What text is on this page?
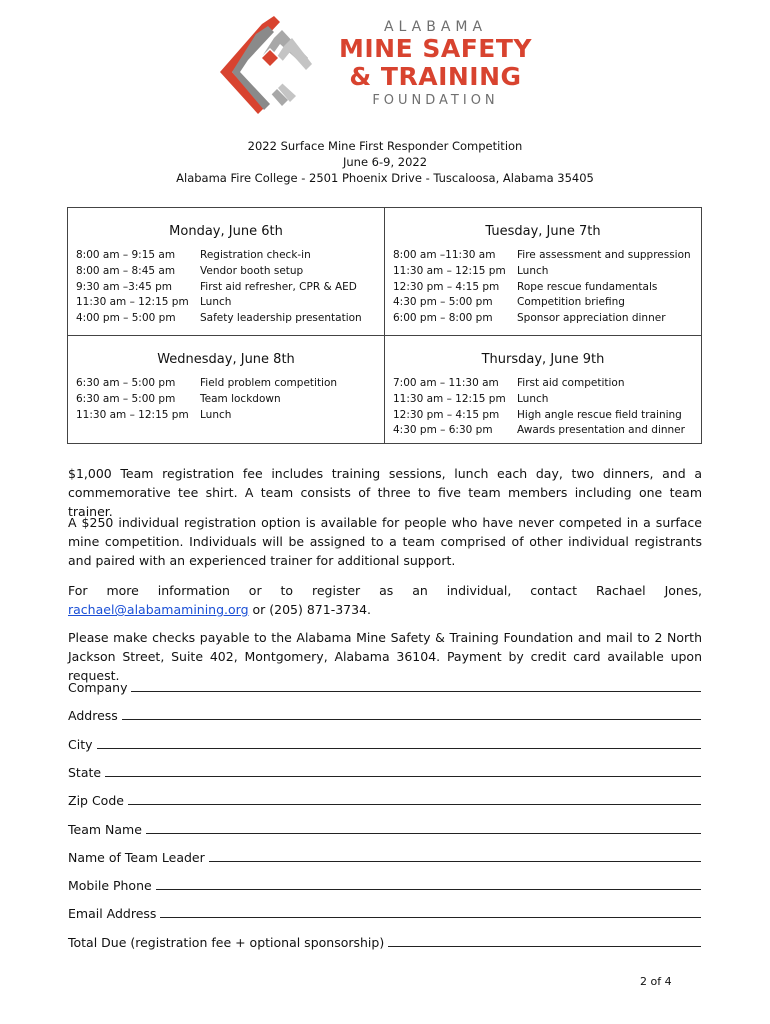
ALABAMA
MINE SAFETY
& TRAINING
FOUNDATION
2022 Surface Mine First Responder Competition
June 6-9, 2022
Alabama Fire College - 2501 Phoenix Drive - Tuscaloosa, Alabama 35405
Monday, June 6th
8:00 am – 9:15 am
8:00 am – 8:45 am
9:30 am –3:45 pm
11:30 am – 12:15 pm
4:00 pm – 5:00 pm
Registration check-in
Vendor booth setup
First aid refresher, CPR & AED
Lunch
Safety leadership presentation
Tuesday, June 7th
8:00 am –11:30 am
11:30 am – 12:15 pm
12:30 pm – 4:15 pm
4:30 pm – 5:00 pm
6:00 pm – 8:00 pm
Fire assessment and suppression
Lunch
Rope rescue fundamentals
Competition briefing
Sponsor appreciation dinner
Wednesday, June 8th
6:30 am – 5:00 pm
6:30 am – 5:00 pm
11:30 am – 12:15 pm
Field problem competition
Team lockdown
Lunch
Thursday, June 9th
7:00 am – 11:30 am
11:30 am – 12:15 pm
12:30 pm – 4:15 pm
4:30 pm – 6:30 pm
First aid competition
Lunch
High angle rescue field training
Awards presentation and dinner
$1,000 Team registration fee includes training sessions, lunch each day, two dinners, and a commemorative tee shirt. A team consists of three to five team members including one team trainer.
A $250 individual registration option is available for people who have never competed in a surface mine competition. Individuals will be assigned to a team comprised of other individual registrants and paired with an experienced trainer for additional support.
For more information or to register as an individual, contact Rachael Jones, rachael@alabamamining.org or (205) 871-3734.
Please make checks payable to the Alabama Mine Safety & Training Foundation and mail to 2 North Jackson Street, Suite 402, Montgomery, Alabama 36104. Payment by credit card available upon request.
Company
Address
City
State
Zip Code
Team Name
Name of Team Leader
Mobile Phone
Email Address
Total Due (registration fee + optional sponsorship)
2 of 4
